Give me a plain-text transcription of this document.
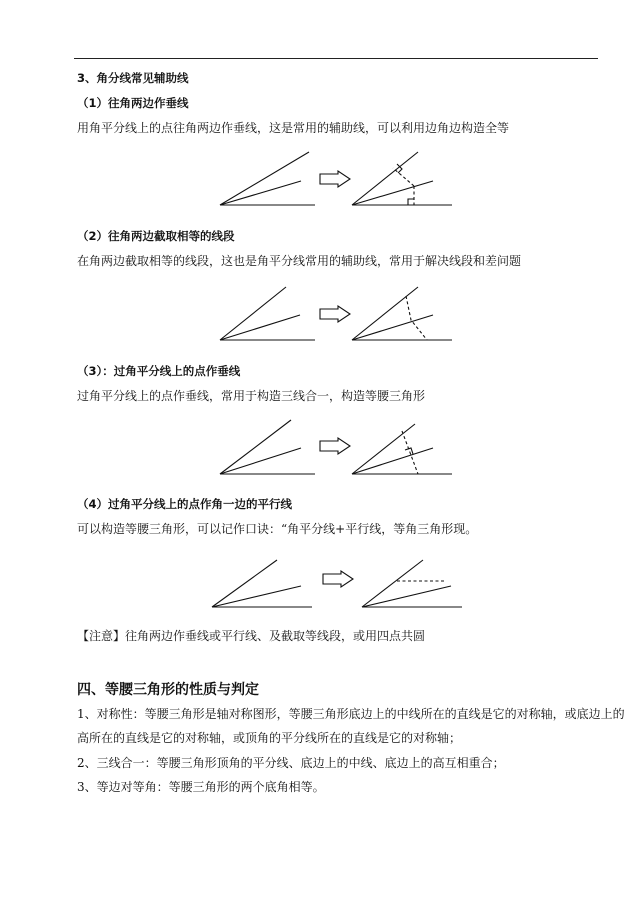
3、角分线常见辅助线
（1）往角两边作垂线
用角平分线上的点往角两边作垂线，这是常用的辅助线，可以利用边角边构造全等
（2）往角两边截取相等的线段
在角两边截取相等的线段，这也是角平分线常用的辅助线，常用于解决线段和差问题
（3）：过角平分线上的点作垂线
过角平分线上的点作垂线，常用于构造三线合一，构造等腰三角形
（4）过角平分线上的点作角一边的平行线
可以构造等腰三角形，可以记作口诀：“角平分线+平行线，等角三角形现。
【注意】往角两边作垂线或平行线、及截取等线段，或用四点共圆
四、等腰三角形的性质与判定
1、对称性：等腰三角形是轴对称图形，等腰三角形底边上的中线所在的直线是它的对称轴，或底边上的
高所在的直线是它的对称轴，或顶角的平分线所在的直线是它的对称轴；
2、三线合一：等腰三角形顶角的平分线、底边上的中线、底边上的高互相重合；
3、等边对等角：等腰三角形的两个底角相等。
